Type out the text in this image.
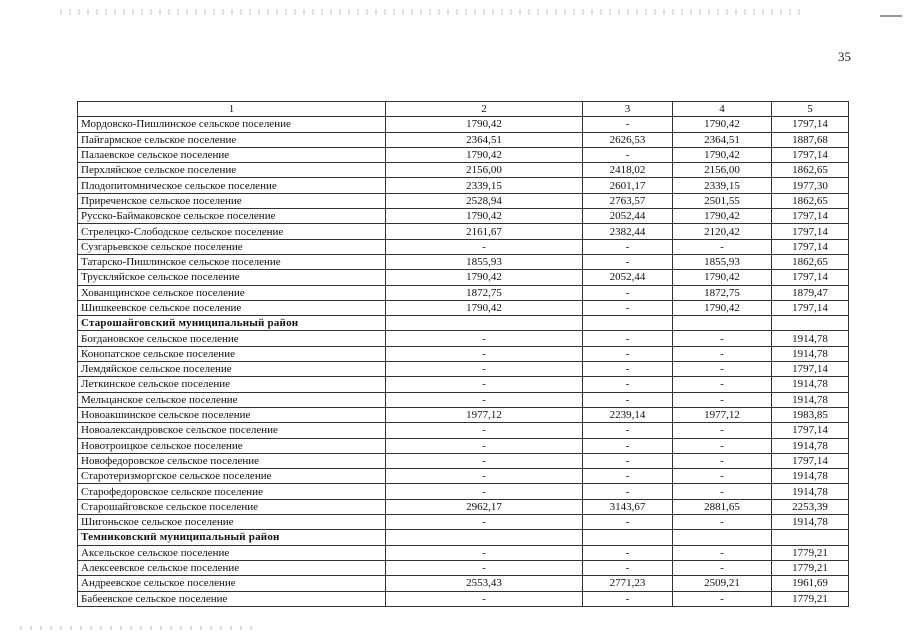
35
1	2	3	4	5
Мордовско-Пишлинское сельское поселение	1790,42	-	1790,42	1797,14
Пайгармское сельское поселение	2364,51	2626,53	2364,51	1887,68
Палаевское сельское поселение	1790,42	-	1790,42	1797,14
Перхляйское сельское поселение	2156,00	2418,02	2156,00	1862,65
Плодопитомническое сельское поселение	2339,15	2601,17	2339,15	1977,30
Приреченское сельское поселение	2528,94	2763,57	2501,55	1862,65
Русско-Баймаковское сельское поселение	1790,42	2052,44	1790,42	1797,14
Стрелецко-Слободское сельское поселение	2161,67	2382,44	2120,42	1797,14
Сузгарьевское сельское поселение	-	-	-	1797,14
Татарско-Пишлинское сельское поселение	1855,93	-	1855,93	1862,65
Трускляйское сельское поселение	1790,42	2052,44	1790,42	1797,14
Хованщинское сельское поселение	1872,75	-	1872,75	1879,47
Шишкеевское сельское поселение	1790,42	-	1790,42	1797,14
Старошайговский муниципальный район				
Богдановское сельское поселение	-	-	-	1914,78
Конопатское сельское поселение	-	-	-	1914,78
Лемдяйское сельское поселение	-	-	-	1797,14
Леткинское сельское поселение	-	-	-	1914,78
Мельцанское сельское поселение	-	-	-	1914,78
Новоакшинское сельское поселение	1977,12	2239,14	1977,12	1983,85
Новоалександровское сельское поселение	-	-	-	1797,14
Новотроицкое сельское поселение	-	-	-	1914,78
Новофедоровское сельское поселение	-	-	-	1797,14
Старотеризморгское сельское поселение	-	-	-	1914,78
Старофедоровское сельское поселение	-	-	-	1914,78
Старошайговское сельское поселение	2962,17	3143,67	2881,65	2253,39
Шигоньское сельское поселение	-	-	-	1914,78
Темниковский муниципальный район				
Аксельское сельское поселение	-	-	-	1779,21
Алексеевское сельское поселение	-	-	-	1779,21
Андреевское сельское поселение	2553,43	2771,23	2509,21	1961,69
Бабеевское сельское поселение	-	-	-	1779,21
